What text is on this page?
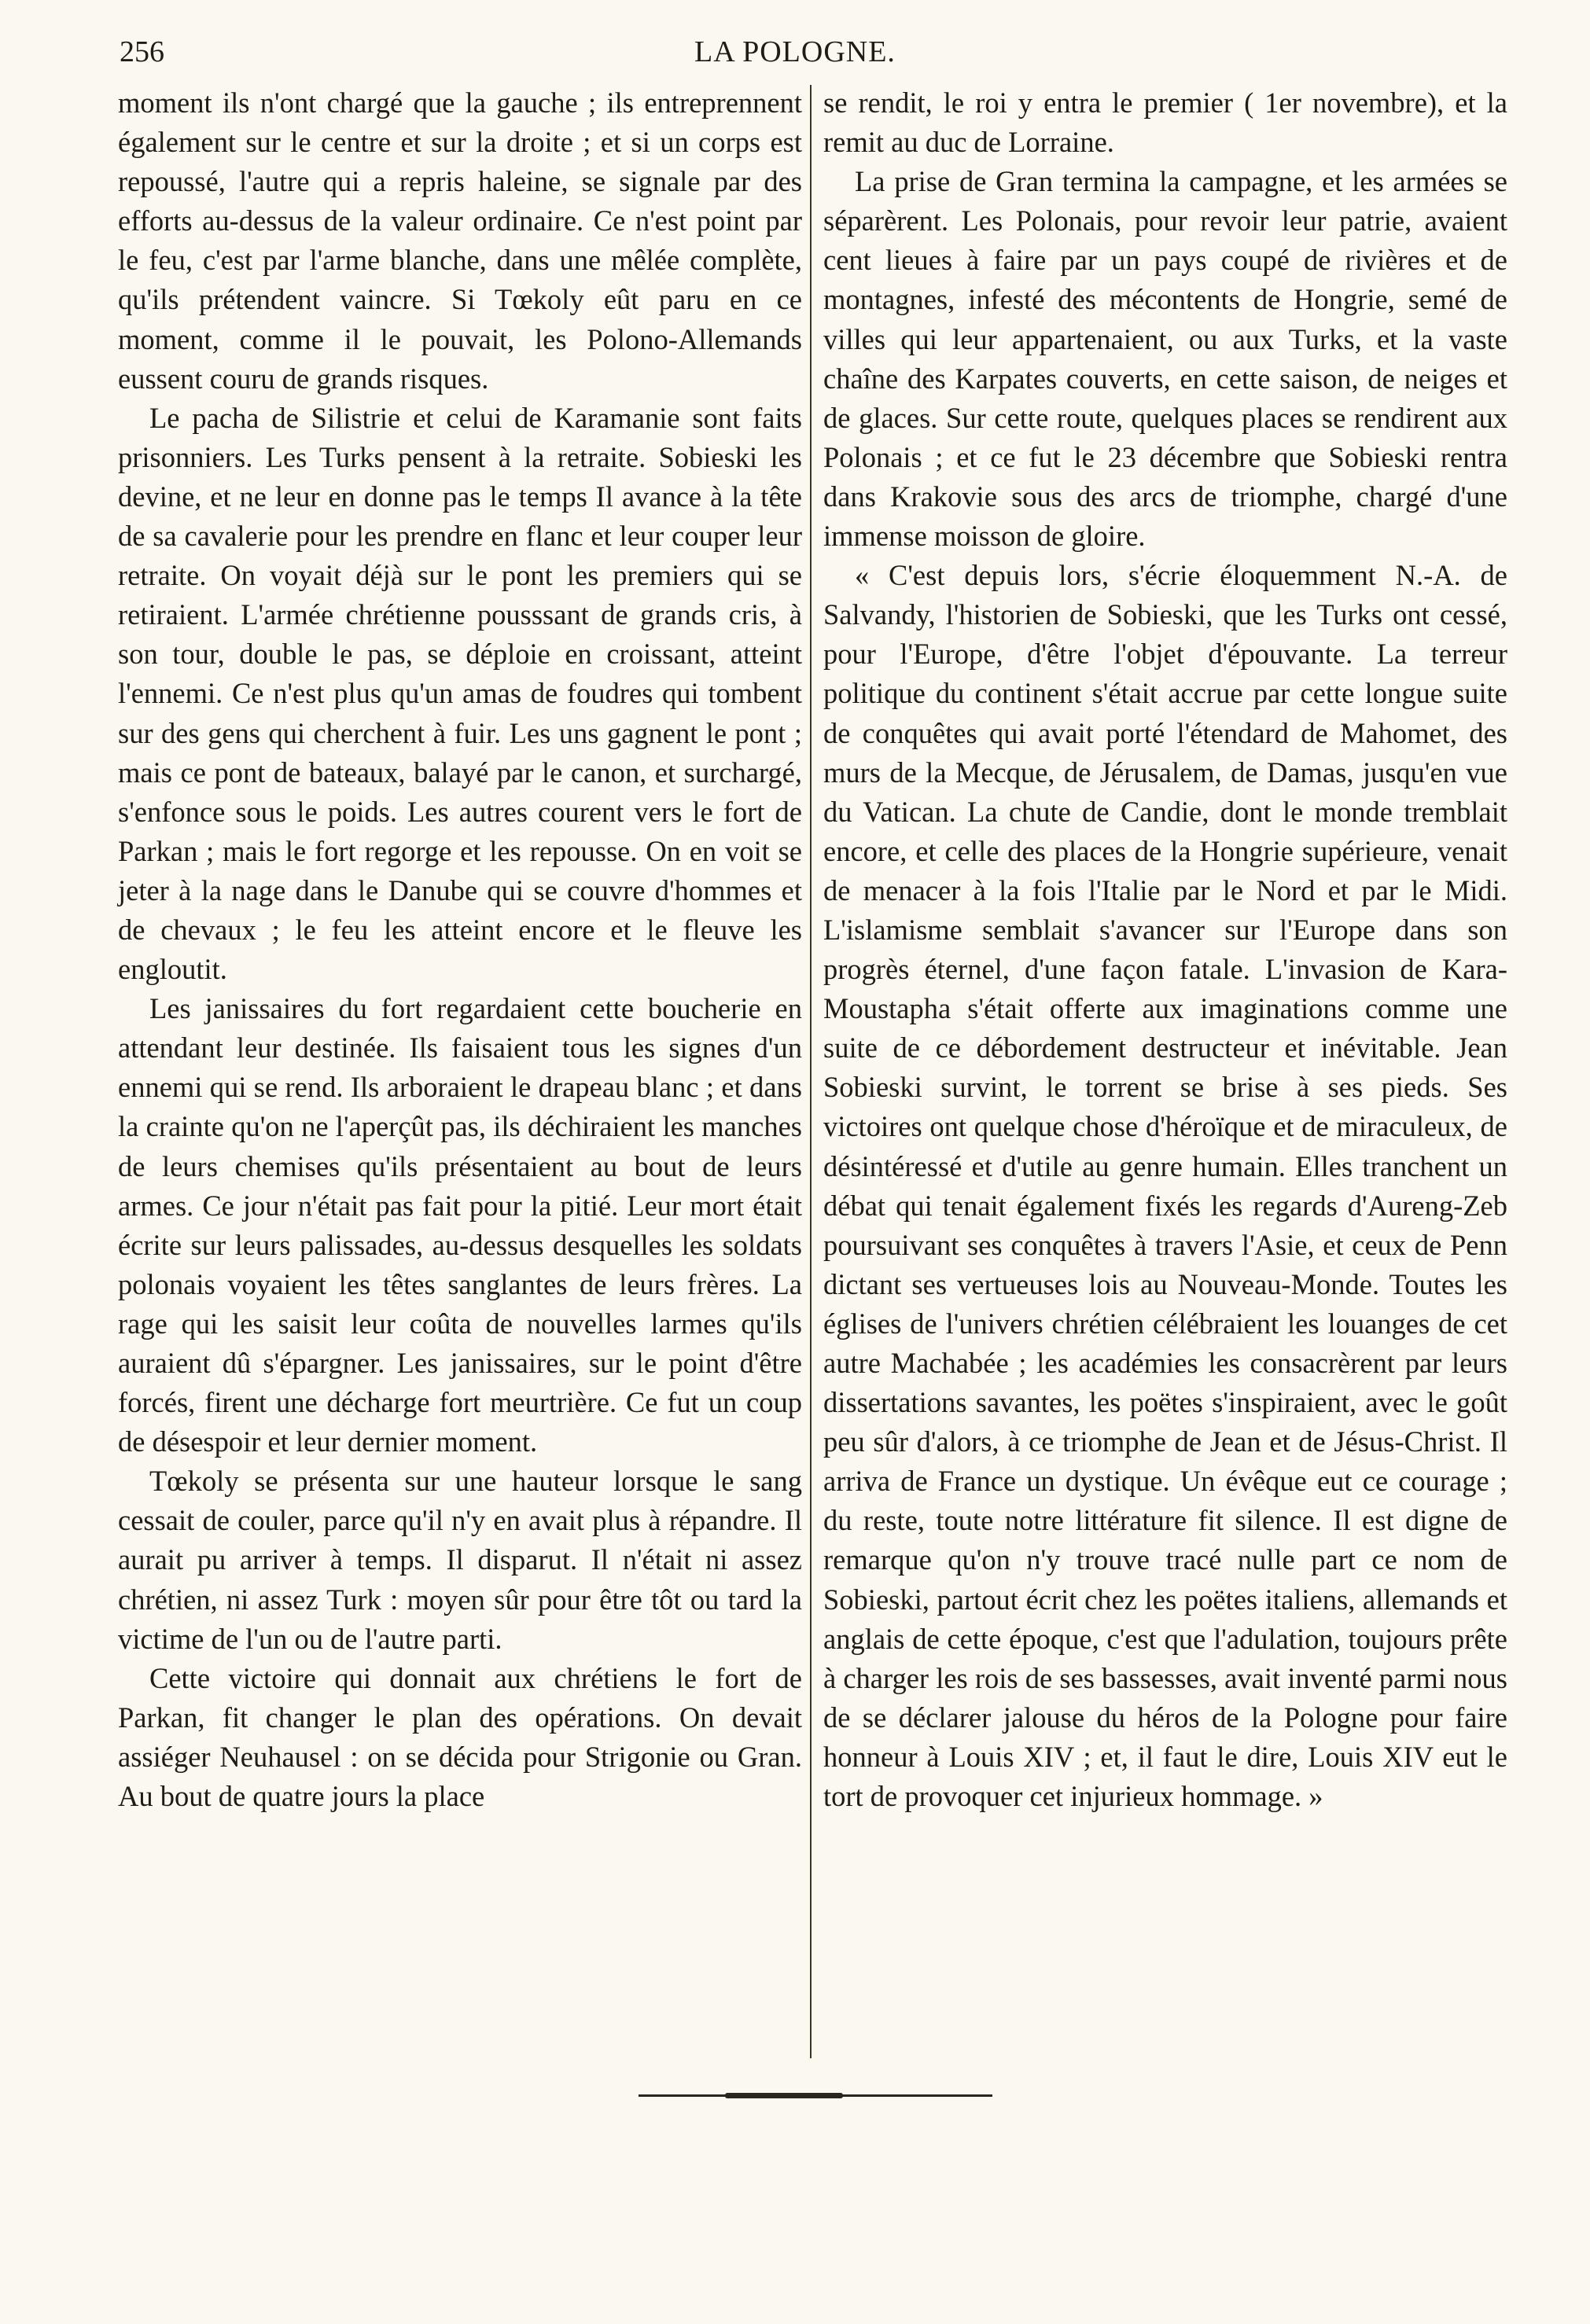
256	LA POLOGNE.

moment ils n'ont chargé que la gauche ; ils entreprennent également sur le centre et sur la droite ; et si un corps est repoussé, l'autre qui a repris haleine, se signale par des efforts au-dessus de la valeur ordinaire. Ce n'est point par le feu, c'est par l'arme blanche, dans une mêlée complète, qu'ils prétendent vaincre. Si Tœkoly eût paru en ce moment, comme il le pouvait, les Polono-Allemands eussent couru de grands risques.

Le pacha de Silistrie et celui de Karamanie sont faits prisonniers. Les Turks pensent à la retraite. Sobieski les devine, et ne leur en donne pas le temps Il avance à la tête de sa cavalerie pour les prendre en flanc et leur couper leur retraite. On voyait déjà sur le pont les premiers qui se retiraient. L'armée chrétienne pousssant de grands cris, à son tour, double le pas, se déploie en croissant, atteint l'ennemi. Ce n'est plus qu'un amas de foudres qui tombent sur des gens qui cherchent à fuir. Les uns gagnent le pont ; mais ce pont de bateaux, balayé par le canon, et surchargé, s'enfonce sous le poids. Les autres courent vers le fort de Parkan ; mais le fort regorge et les repousse. On en voit se jeter à la nage dans le Danube qui se couvre d'hommes et de chevaux ; le feu les atteint encore et le fleuve les engloutit.

Les janissaires du fort regardaient cette boucherie en attendant leur destinée. Ils faisaient tous les signes d'un ennemi qui se rend. Ils arboraient le drapeau blanc ; et dans la crainte qu'on ne l'aperçût pas, ils déchiraient les manches de leurs chemises qu'ils présentaient au bout de leurs armes. Ce jour n'était pas fait pour la pitié. Leur mort était écrite sur leurs palissades, au-dessus desquelles les soldats polonais voyaient les têtes sanglantes de leurs frères. La rage qui les saisit leur coûta de nouvelles larmes qu'ils auraient dû s'épargner. Les janissaires, sur le point d'être forcés, firent une décharge fort meurtrière. Ce fut un coup de désespoir et leur dernier moment.

Tœkoly se présenta sur une hauteur lorsque le sang cessait de couler, parce qu'il n'y en avait plus à répandre. Il aurait pu arriver à temps. Il disparut. Il n'était ni assez chrétien, ni assez Turk : moyen sûr pour être tôt ou tard la victime de l'un ou de l'autre parti.

Cette victoire qui donnait aux chrétiens le fort de Parkan, fit changer le plan des opérations. On devait assiéger Neuhausel : on se décida pour Strigonie ou Gran. Au bout de quatre jours la place

se rendit, le roi y entra le premier ( 1er novembre), et la remit au duc de Lorraine.

La prise de Gran termina la campagne, et les armées se séparèrent. Les Polonais, pour revoir leur patrie, avaient cent lieues à faire par un pays coupé de rivières et de montagnes, infesté des mécontents de Hongrie, semé de villes qui leur appartenaient, ou aux Turks, et la vaste chaîne des Karpates couverts, en cette saison, de neiges et de glaces. Sur cette route, quelques places se rendirent aux Polonais ; et ce fut le 23 décembre que Sobieski rentra dans Krakovie sous des arcs de triomphe, chargé d'une immense moisson de gloire.

« C'est depuis lors, s'écrie éloquemment N.-A. de Salvandy, l'historien de Sobieski, que les Turks ont cessé, pour l'Europe, d'être l'objet d'épouvante. La terreur politique du continent s'était accrue par cette longue suite de conquêtes qui avait porté l'étendard de Mahomet, des murs de la Mecque, de Jérusalem, de Damas, jusqu'en vue du Vatican. La chute de Candie, dont le monde tremblait encore, et celle des places de la Hongrie supérieure, venait de menacer à la fois l'Italie par le Nord et par le Midi. L'islamisme semblait s'avancer sur l'Europe dans son progrès éternel, d'une façon fatale. L'invasion de Kara-Moustapha s'était offerte aux imaginations comme une suite de ce débordement destructeur et inévitable. Jean Sobieski survint, le torrent se brise à ses pieds. Ses victoires ont quelque chose d'héroïque et de miraculeux, de désintéressé et d'utile au genre humain. Elles tranchent un débat qui tenait également fixés les regards d'Aureng-Zeb poursuivant ses conquêtes à travers l'Asie, et ceux de Penn dictant ses vertueuses lois au Nouveau-Monde. Toutes les églises de l'univers chrétien célébraient les louanges de cet autre Machabée ; les académies les consacrèrent par leurs dissertations savantes, les poëtes s'inspiraient, avec le goût peu sûr d'alors, à ce triomphe de Jean et de Jésus-Christ. Il arriva de France un dystique. Un évêque eut ce courage ; du reste, toute notre littérature fit silence. Il est digne de remarque qu'on n'y trouve tracé nulle part ce nom de Sobieski, partout écrit chez les poëtes italiens, allemands et anglais de cette époque, c'est que l'adulation, toujours prête à charger les rois de ses bassesses, avait inventé parmi nous de se déclarer jalouse du héros de la Pologne pour faire honneur à Louis XIV ; et, il faut le dire, Louis XIV eut le tort de provoquer cet injurieux hommage. »
